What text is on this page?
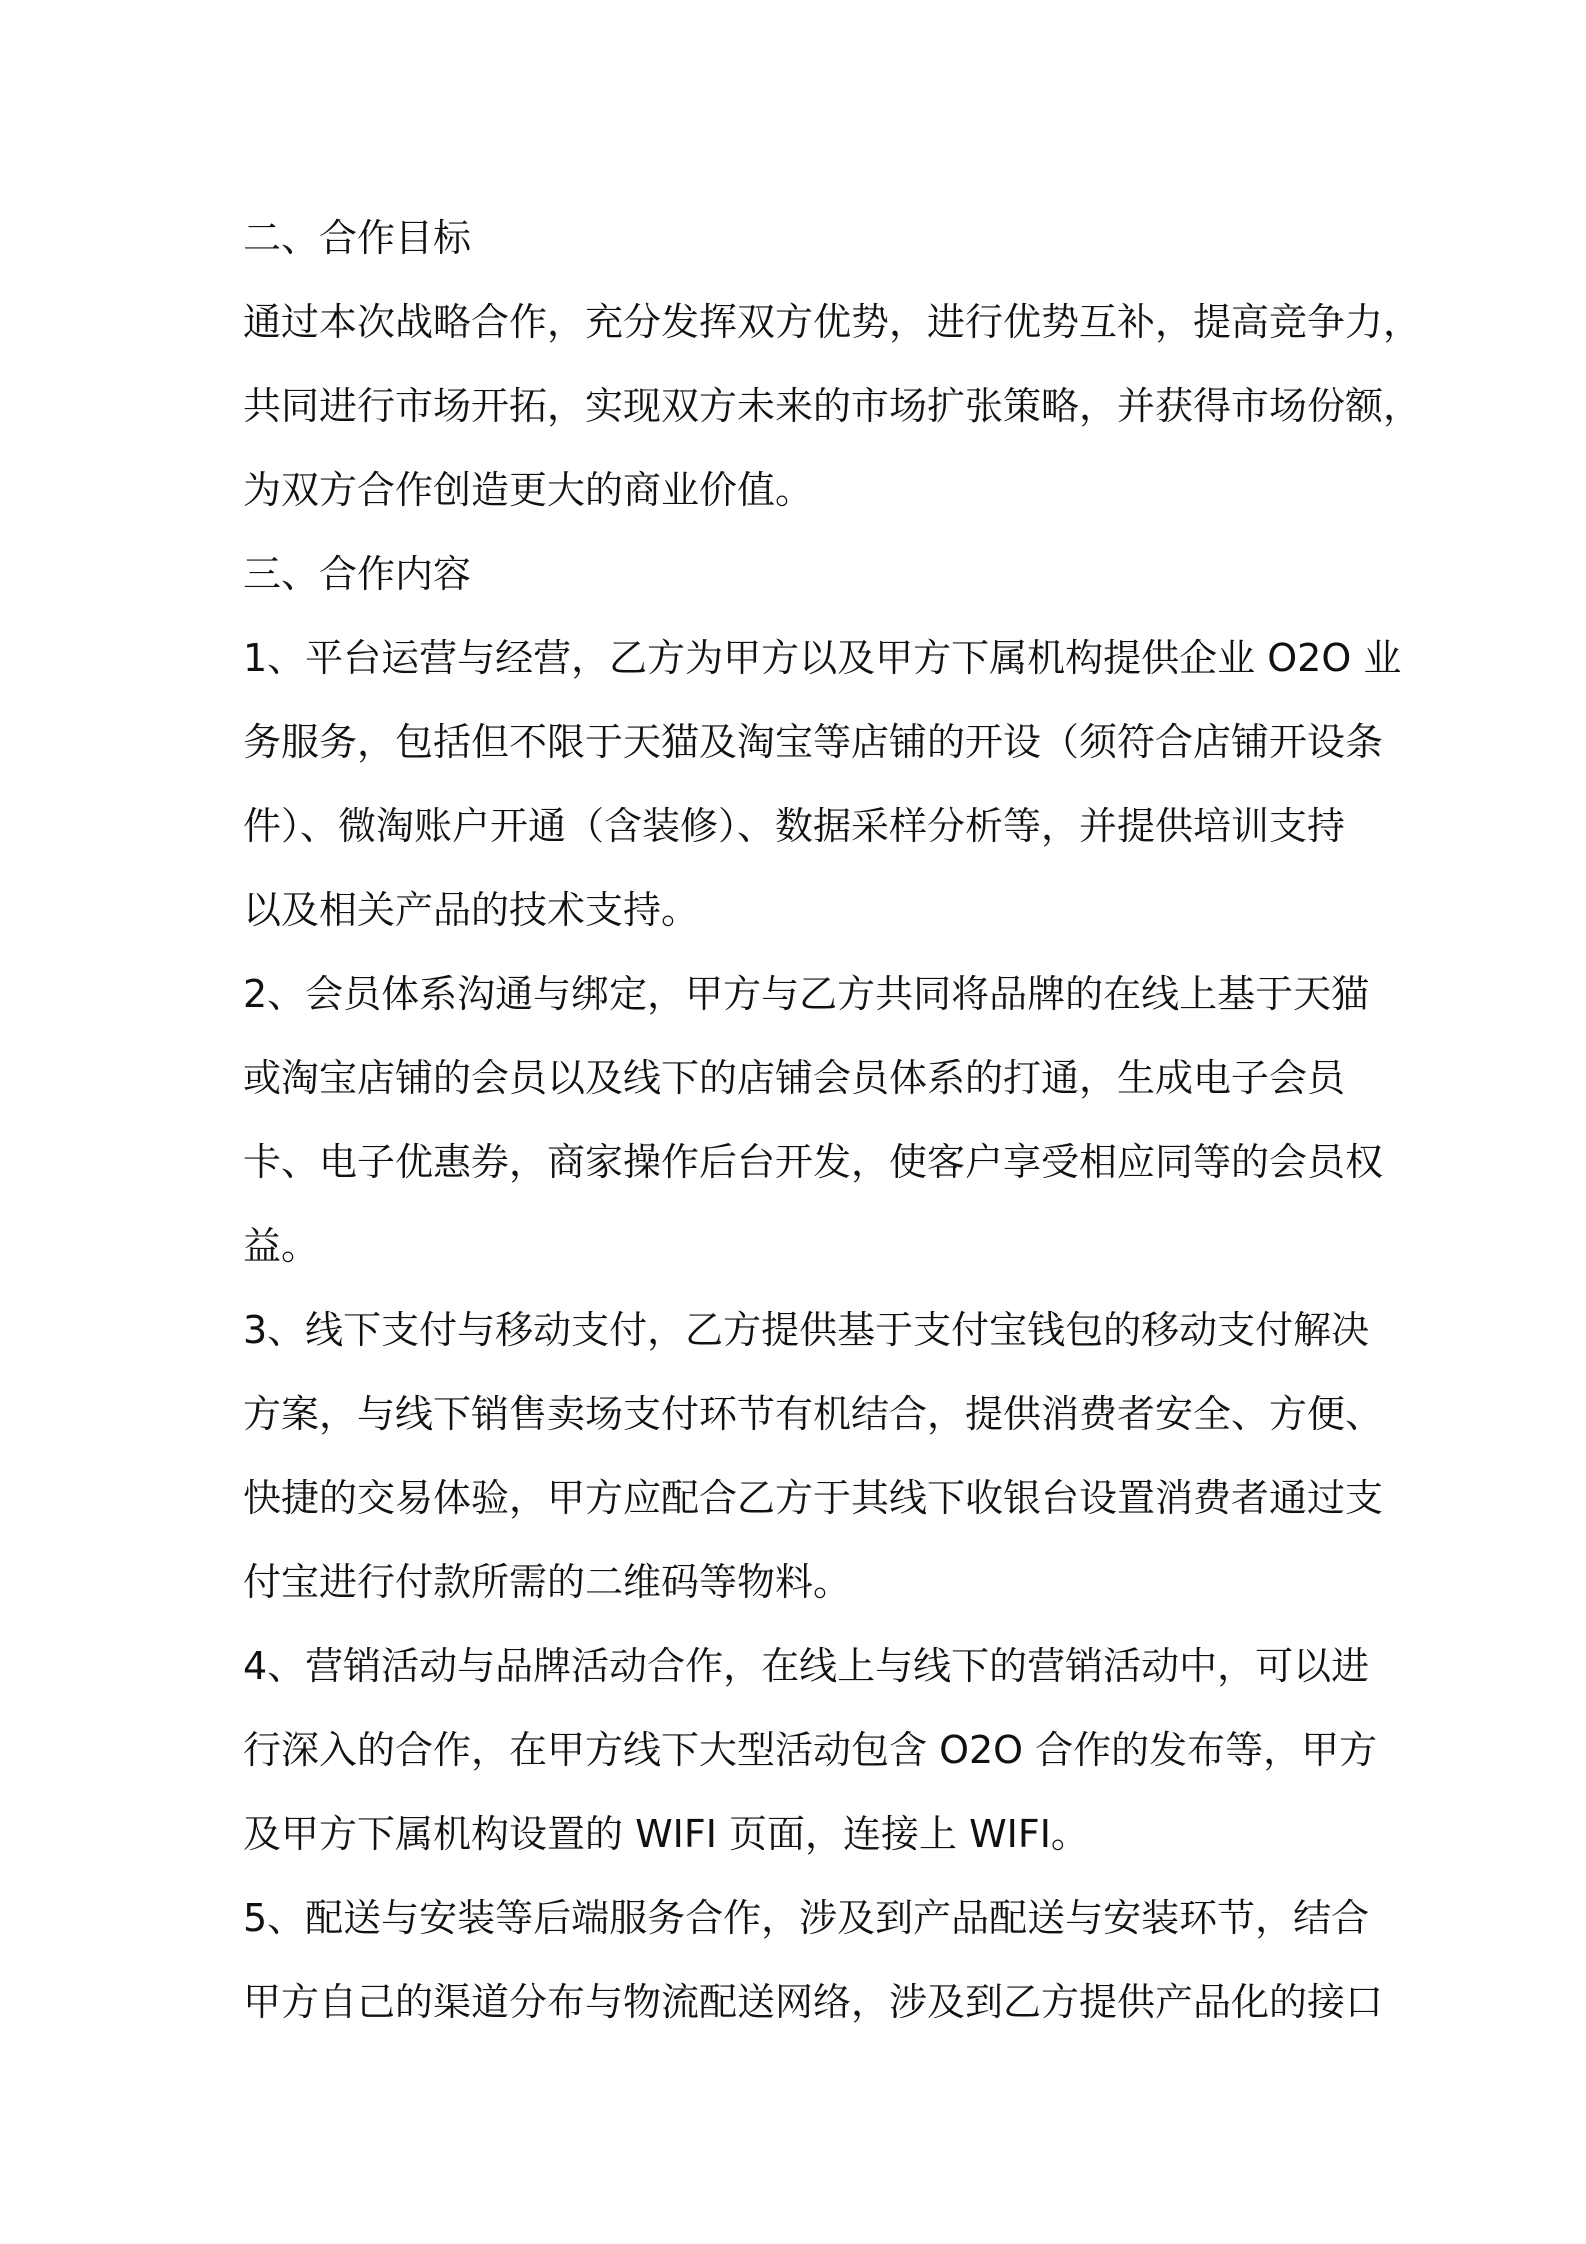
二、合作目标
通过本次战略合作，充分发挥双方优势，进行优势互补，提高竞争力，
共同进行市场开拓，实现双方未来的市场扩张策略，并获得市场份额，
为双方合作创造更大的商业价值。
三、合作内容
1、平台运营与经营，乙方为甲方以及甲方下属机构提供企业 O2O 业
务服务，包括但不限于天猫及淘宝等店铺的开设（须符合店铺开设条
件）、微淘账户开通（含装修）、数据采样分析等，并提供培训支持
以及相关产品的技术支持。
2、会员体系沟通与绑定，甲方与乙方共同将品牌的在线上基于天猫
或淘宝店铺的会员以及线下的店铺会员体系的打通，生成电子会员
卡、电子优惠券，商家操作后台开发，使客户享受相应同等的会员权
益。
3、线下支付与移动支付，乙方提供基于支付宝钱包的移动支付解决
方案，与线下销售卖场支付环节有机结合，提供消费者安全、方便、
快捷的交易体验，甲方应配合乙方于其线下收银台设置消费者通过支
付宝进行付款所需的二维码等物料。
4、营销活动与品牌活动合作，在线上与线下的营销活动中，可以进
行深入的合作，在甲方线下大型活动包含 O2O 合作的发布等，甲方
及甲方下属机构设置的 WIFI 页面，连接上 WIFI。
5、配送与安装等后端服务合作，涉及到产品配送与安装环节，结合
甲方自己的渠道分布与物流配送网络，涉及到乙方提供产品化的接口
